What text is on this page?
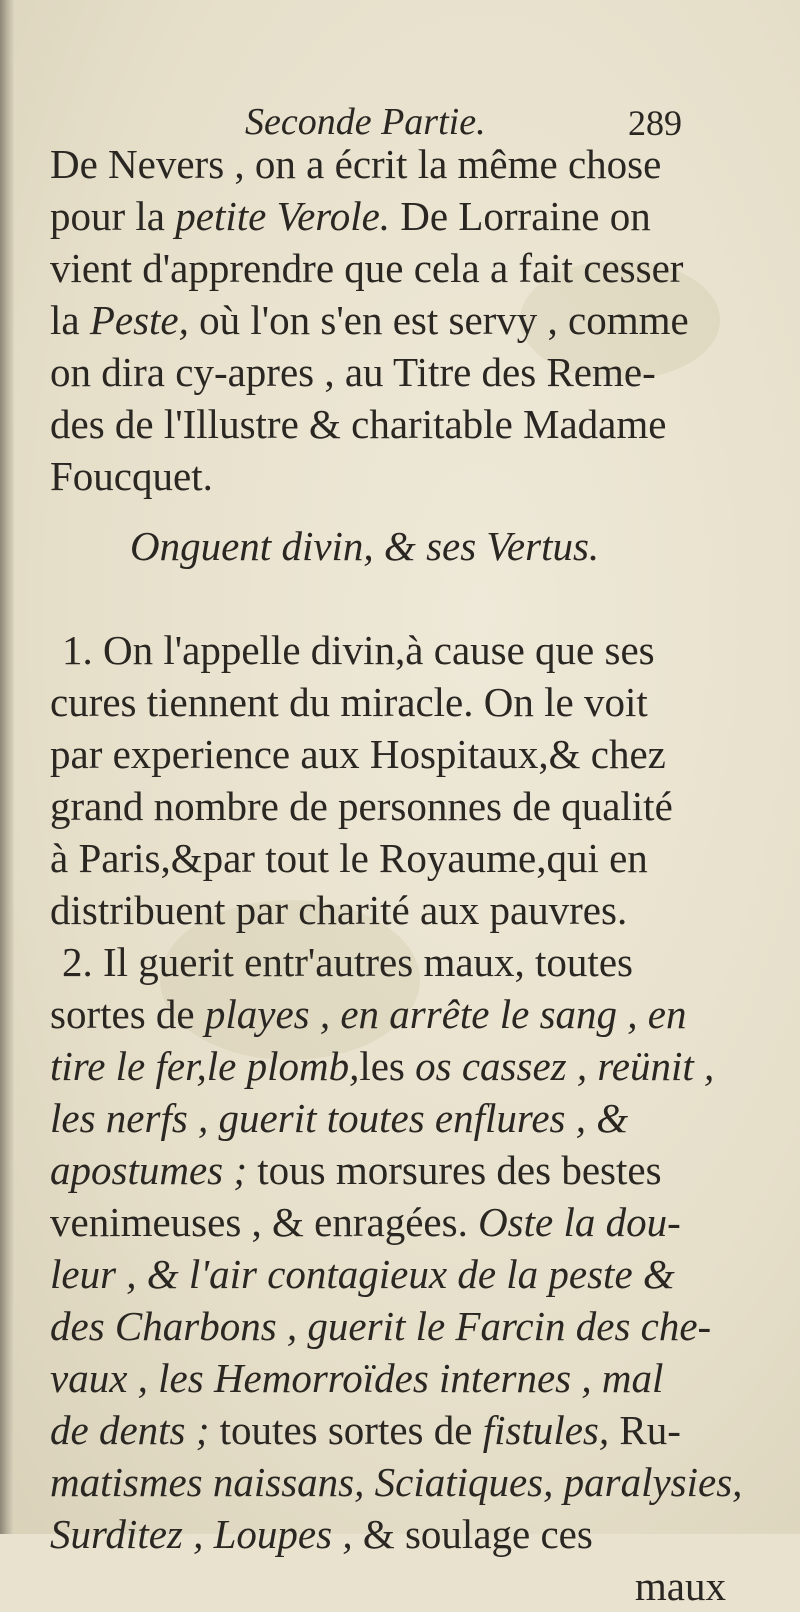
Seconde Partie.	289
De Nevers , on a écrit la même chose
pour la petite Verole. De Lorraine on
vient d'apprendre que cela a fait cesser
la Peste, où l'on s'en est servy , comme
on dira cy-apres , au Titre des Reme-
des de l'Illustre & charitable Madame
Foucquet.
Onguent divin, & ses Vertus.
1. On l'appelle divin,à cause que ses
cures tiennent du miracle. On le voit
par experience aux Hospitaux,& chez
grand nombre de personnes de qualité
à Paris,&par tout le Royaume,qui en
distribuent par charité aux pauvres.
2. Il guerit entr'autres maux, toutes
sortes de playes , en arrête le sang , en
tire le fer,le plomb,les os cassez , reünit ,
les nerfs , guerit toutes enflures , &
apostumes ; tous morsures des bestes
venimeuses , & enragées. Oste la dou-
leur , & l'air contagieux de la peste &
des Charbons , guerit le Farcin des che-
vaux , les Hemorroïdes internes , mal
de dents ; toutes sortes de fistules, Ru-
matismes naissans, Sciatiques, paralysies,
Surditez , Loupes , & soulage ces
maux
